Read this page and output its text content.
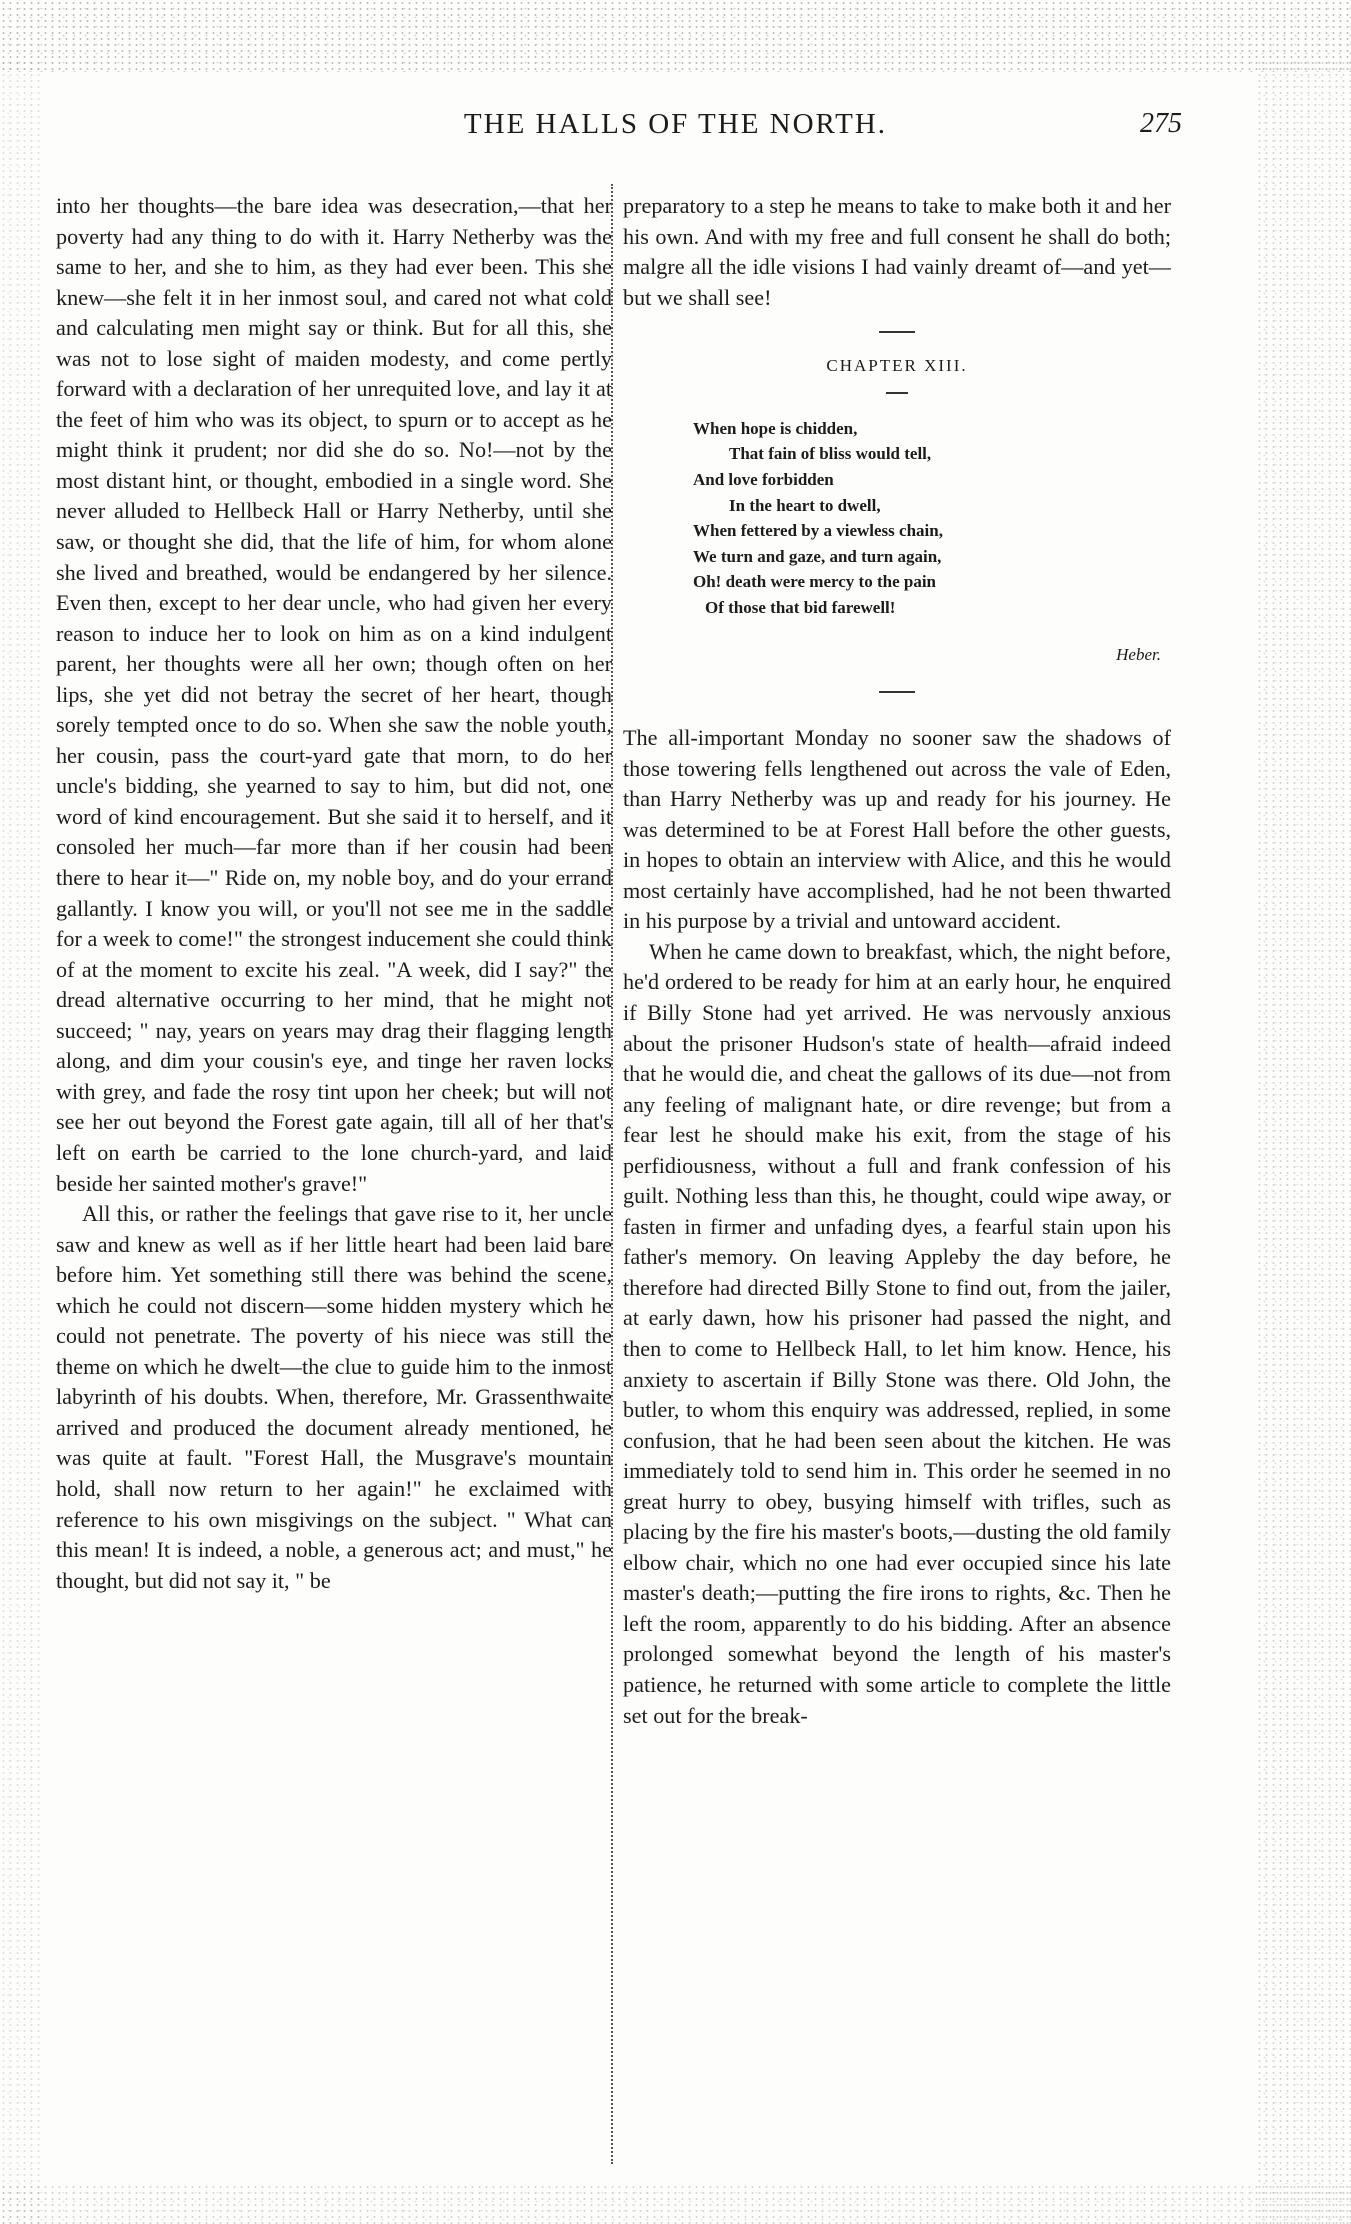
THE HALLS OF THE NORTH.	275

into her thoughts—the bare idea was desecration,—that her poverty had any thing to do with it. Harry Netherby was the same to her, and she to him, as they had ever been. This she knew—she felt it in her inmost soul, and cared not what cold and calculating men might say or think. But for all this, she was not to lose sight of maiden modesty, and come pertly forward with a declaration of her unrequited love, and lay it at the feet of him who was its object, to spurn or to accept as he might think it prudent; nor did she do so. No!—not by the most distant hint, or thought, embodied in a single word. She never alluded to Hellbeck Hall or Harry Netherby, until she saw, or thought she did, that the life of him, for whom alone she lived and breathed, would be endangered by her silence. Even then, except to her dear uncle, who had given her every reason to induce her to look on him as on a kind indulgent parent, her thoughts were all her own; though often on her lips, she yet did not betray the secret of her heart, though sorely tempted once to do so. When she saw the noble youth, her cousin, pass the court-yard gate that morn, to do her uncle's bidding, she yearned to say to him, but did not, one word of kind encouragement. But she said it to herself, and it consoled her much—far more than if her cousin had been there to hear it—" Ride on, my noble boy, and do your errand gallantly. I know you will, or you'll not see me in the saddle for a week to come!" the strongest inducement she could think of at the moment to excite his zeal. "A week, did I say?" the dread alternative occurring to her mind, that he might not succeed; " nay, years on years may drag their flagging length along, and dim your cousin's eye, and tinge her raven locks with grey, and fade the rosy tint upon her cheek; but will not see her out beyond the Forest gate again, till all of her that's left on earth be carried to the lone church-yard, and laid beside her sainted mother's grave!"

All this, or rather the feelings that gave rise to it, her uncle saw and knew as well as if her little heart had been laid bare before him. Yet something still there was behind the scene, which he could not discern—some hidden mystery which he could not penetrate. The poverty of his niece was still the theme on which he dwelt—the clue to guide him to the inmost labyrinth of his doubts. When, therefore, Mr. Grassenthwaite arrived and produced the document already mentioned, he was quite at fault. "Forest Hall, the Musgrave's mountain hold, shall now return to her again!" he exclaimed with reference to his own misgivings on the subject. " What can this mean! It is indeed, a noble, a generous act; and must," he thought, but did not say it, " be

preparatory to a step he means to take to make both it and her his own. And with my free and full consent he shall do both; malgre all the idle visions I had vainly dreamt of—and yet—but we shall see!

CHAPTER XIII.
When hope is chidden,
That fain of bliss would tell,
And love forbidden
In the heart to dwell,
When fettered by a viewless chain,
We turn and gaze, and turn again,
Oh! death were mercy to the pain
Of those that bid farewell!
Heber.

The all-important Monday no sooner saw the shadows of those towering fells lengthened out across the vale of Eden, than Harry Netherby was up and ready for his journey. He was determined to be at Forest Hall before the other guests, in hopes to obtain an interview with Alice, and this he would most certainly have accomplished, had he not been thwarted in his purpose by a trivial and untoward accident.

When he came down to breakfast, which, the night before, he'd ordered to be ready for him at an early hour, he enquired if Billy Stone had yet arrived. He was nervously anxious about the prisoner Hudson's state of health—afraid indeed that he would die, and cheat the gallows of its due—not from any feeling of malignant hate, or dire revenge; but from a fear lest he should make his exit, from the stage of his perfidiousness, without a full and frank confession of his guilt. Nothing less than this, he thought, could wipe away, or fasten in firmer and unfading dyes, a fearful stain upon his father's memory. On leaving Appleby the day before, he therefore had directed Billy Stone to find out, from the jailer, at early dawn, how his prisoner had passed the night, and then to come to Hellbeck Hall, to let him know. Hence, his anxiety to ascertain if Billy Stone was there. Old John, the butler, to whom this enquiry was addressed, replied, in some confusion, that he had been seen about the kitchen. He was immediately told to send him in. This order he seemed in no great hurry to obey, busying himself with trifles, such as placing by the fire his master's boots,—dusting the old family elbow chair, which no one had ever occupied since his late master's death;—putting the fire irons to rights, &c. Then he left the room, apparently to do his bidding. After an absence prolonged somewhat beyond the length of his master's patience, he returned with some article to complete the little set out for the break-
